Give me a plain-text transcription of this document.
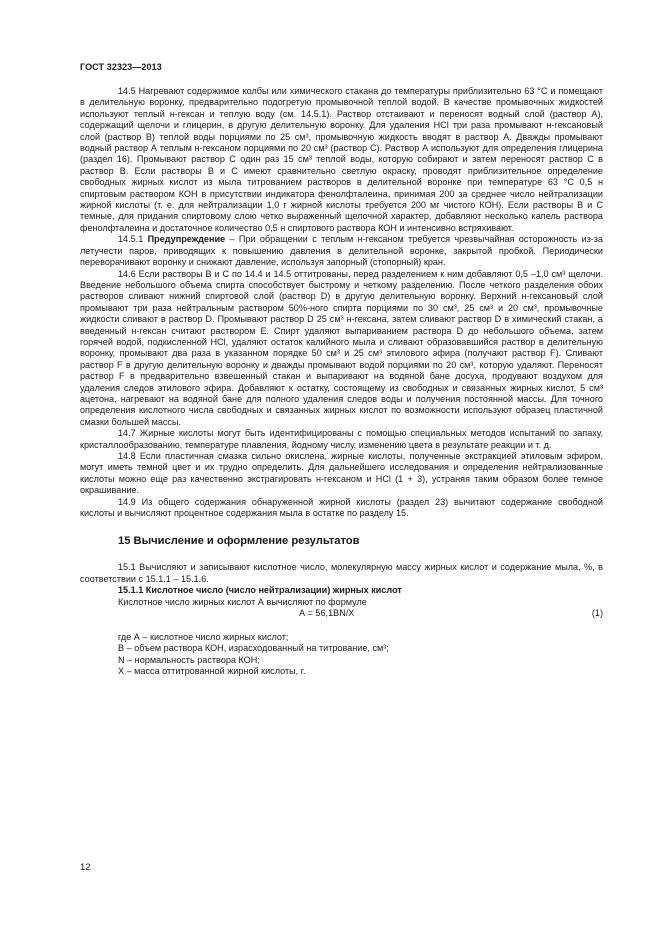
ГОСТ 32323—2013

14.5 Нагревают содержимое колбы или химического стакана до температуры приблизительно 63 °С и помещают в делительную воронку, предварительно подогретую промывочной теплой водой. В качестве промывочных жидкостей используют теплый н-гексан и теплую воду (см. 14.5.1). Раствор отстаивают и переносят водный слой (раствор А), содержащий щелочи и глицерин, в другую делительную воронку. Для удаления HCl три раза промывают н-гексановый слой (раствор В) теплой воды порциями по 25 см³, промывочную жидкость вводят в раствор А. Дважды промывают водный раствор А теплым н-гексаном порциями по 20 см³ (раствор С). Раствор А используют для определения глицерина (раздел 16). Промывают раствор С один раз 15 см³ теплой воды, которую собирают и затем переносят раствор С в раствор В. Если растворы В и С имеют сравнительно светлую окраску, проводят приблизительное определение свободных жирных кислот из мыла титрованием растворов в делительной воронке при температуре 63 °С 0,5 н спиртовым раствором КОН в присутствии индикатора фенолфталеина, принимая 200 за среднее число нейтрализации жирной кислоты (т. е. для нейтрализации 1,0 г жирной кислоты требуется 200 мг чистого КОН). Если растворы В и С темные, для придания спиртовому слою четко выраженный щелочной характер, добавляют несколько капель раствора фенолфталеина и достаточное количество 0,5 н спиртового раствора КОН и интенсивно встряхивают.

14.5.1 Предупреждение – При обращении с теплым н-гексаном требуется чрезвычайная осторожность из-за летучести паров, приводящих к повышению давления в делительной воронке, закрытой пробкой. Периодически переворачивают воронку и снижают давление, используя запорный (стопорный) кран.

14.6 Если растворы В и С по 14.4 и 14.5 оттитрованы, перед разделением к ним добавляют 0,5 –1,0 см³ щелочи. Введение небольшого объема спирта способствует быстрому и четкому разделению. После четкого разделения обоих растворов сливают нижний спиртовой слой (раствор D) в другую делительную воронку. Верхний н-гексановый слой промывают три раза нейтральным раствором 50%-ного спирта порциями по 30 см³, 25 см³ и 20 см³, промывочные жидкости сливают в раствор D. Промывают раствор D 25 см³ н-гексана, затем сливают раствор D в химический стакан, а введенный н-гексан считают раствором Е. Спирт удаляют выпариванием раствора D до небольшого объема, затем горячей водой, подкисленной HCl, удаляют остаток калийного мыла и сливают образовавшийся раствор в делительную воронку, промывают два раза в указанном порядке 50 см³ и 25 см³ этилового эфира (получают раствор F). Сливают раствор F в другую делительную воронку и дважды промывают водой порциями по 20 см³, которую удаляют. Переносят раствор F в предварительно взвешенный стакан и выпаривают на водяной бане досуха, продувают воздухом для удаления следов этилового эфира. Добавляют к остатку, состоящему из свободных и связанных жирных кислот, 5 см³ ацетона, нагревают на водяной бане для полного удаления следов воды и получения постоянной массы. Для точного определения кислотного числа свободных и связанных жирных кислот по возможности используют образец пластичной смазки большей массы.

14.7 Жирные кислоты могут быть идентифицированы с помощью специальных методов испытаний по запаху, кристаллообразованию, температуре плавления, йодному числу, изменению цвета в результате реакции и т. д.

14.8 Если пластичная смазка сильно окислена, жирные кислоты, полученные экстракцией этиловым эфиром, могут иметь темной цвет и их трудно определить. Для дальнейшего исследования и определения нейтрализованные кислоты можно еще раз качественно экстрагировать н-гексаном и HCl (1 + 3), устраняя таким образом более темное окрашивание.

14.9 Из общего содержания обнаруженной жирной кислоты (раздел 23) вычитают содержание свободной кислоты и вычисляют процентное содержания мыла в остатке по разделу 15.

15 Вычисление и оформление результатов

15.1 Вычисляют и записывают кислотное число, молекулярную массу жирных кислот и содержание мыла, %, в соответствии с 15.1.1 – 15.1.6.

15.1.1 Кислотное число (число нейтрализации) жирных кислот

Кислотное число жирных кислот А вычисляют по формуле

А = 56,1BN/X	(1)

где А – кислотное число жирных кислот;

В – объем раствора КОН, израсходованный на титрование, см³;

N – нормальность раствора КОН;

Х – масса оттитрованной жирной кислоты, г.

12
